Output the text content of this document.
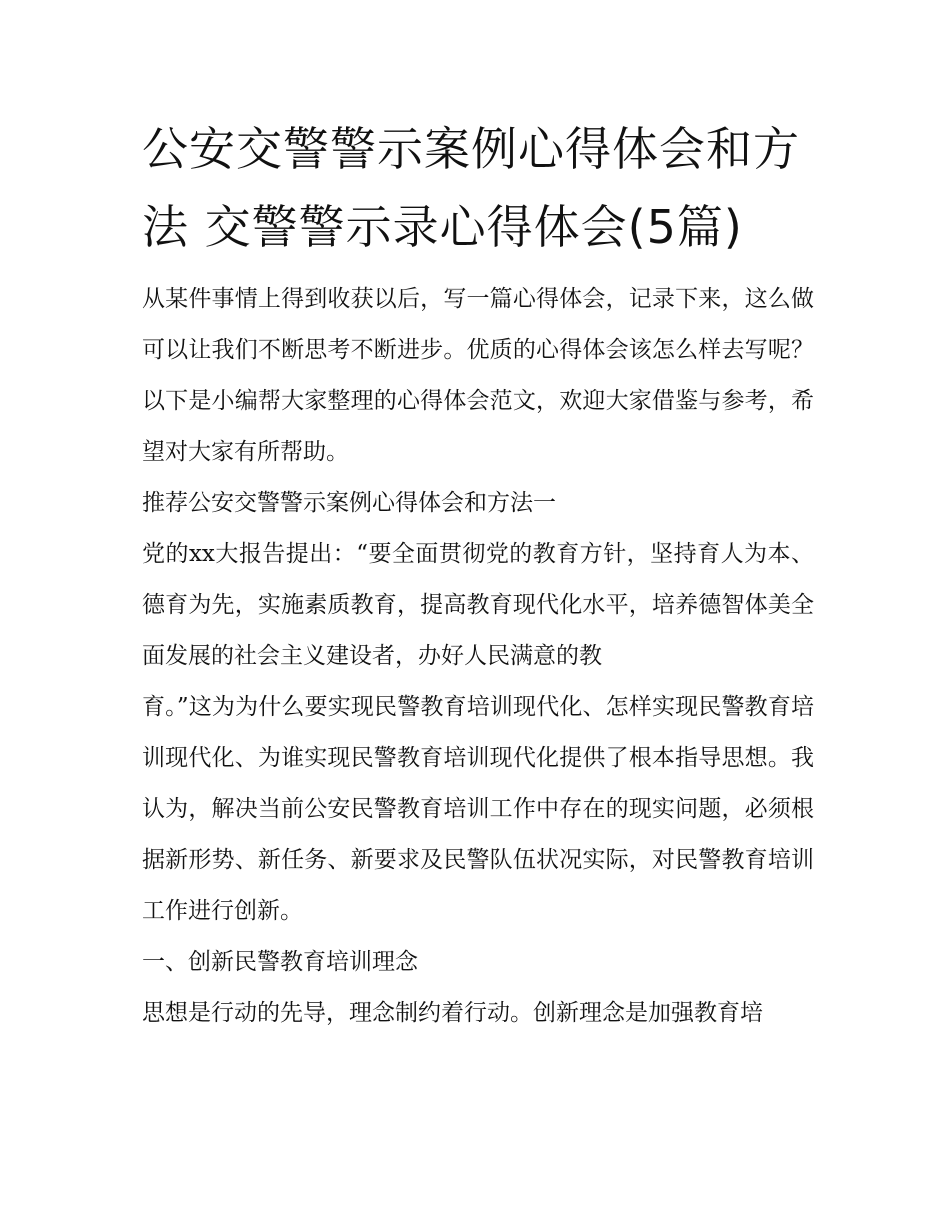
公安交警警示案例心得体会和方法 交警警示录心得体会(5篇)

从某件事情上得到收获以后，写一篇心得体会，记录下来，这么做可以让我们不断思考不断进步。优质的心得体会该怎么样去写呢？以下是小编帮大家整理的心得体会范文，欢迎大家借鉴与参考，希望对大家有所帮助。

推荐公安交警警示案例心得体会和方法一

党的xx大报告提出：“要全面贯彻党的教育方针，坚持育人为本、德育为先，实施素质教育，提高教育现代化水平，培养德智体美全面发展的社会主义建设者，办好人民满意的教

育。”这为为什么要实现民警教育培训现代化、怎样实现民警教育培训现代化、为谁实现民警教育培训现代化提供了根本指导思想。我认为，解决当前公安民警教育培训工作中存在的现实问题，必须根据新形势、新任务、新要求及民警队伍状况实际，对民警教育培训工作进行创新。

一、创新民警教育培训理念

思想是行动的先导，理念制约着行动。创新理念是加强教育培
